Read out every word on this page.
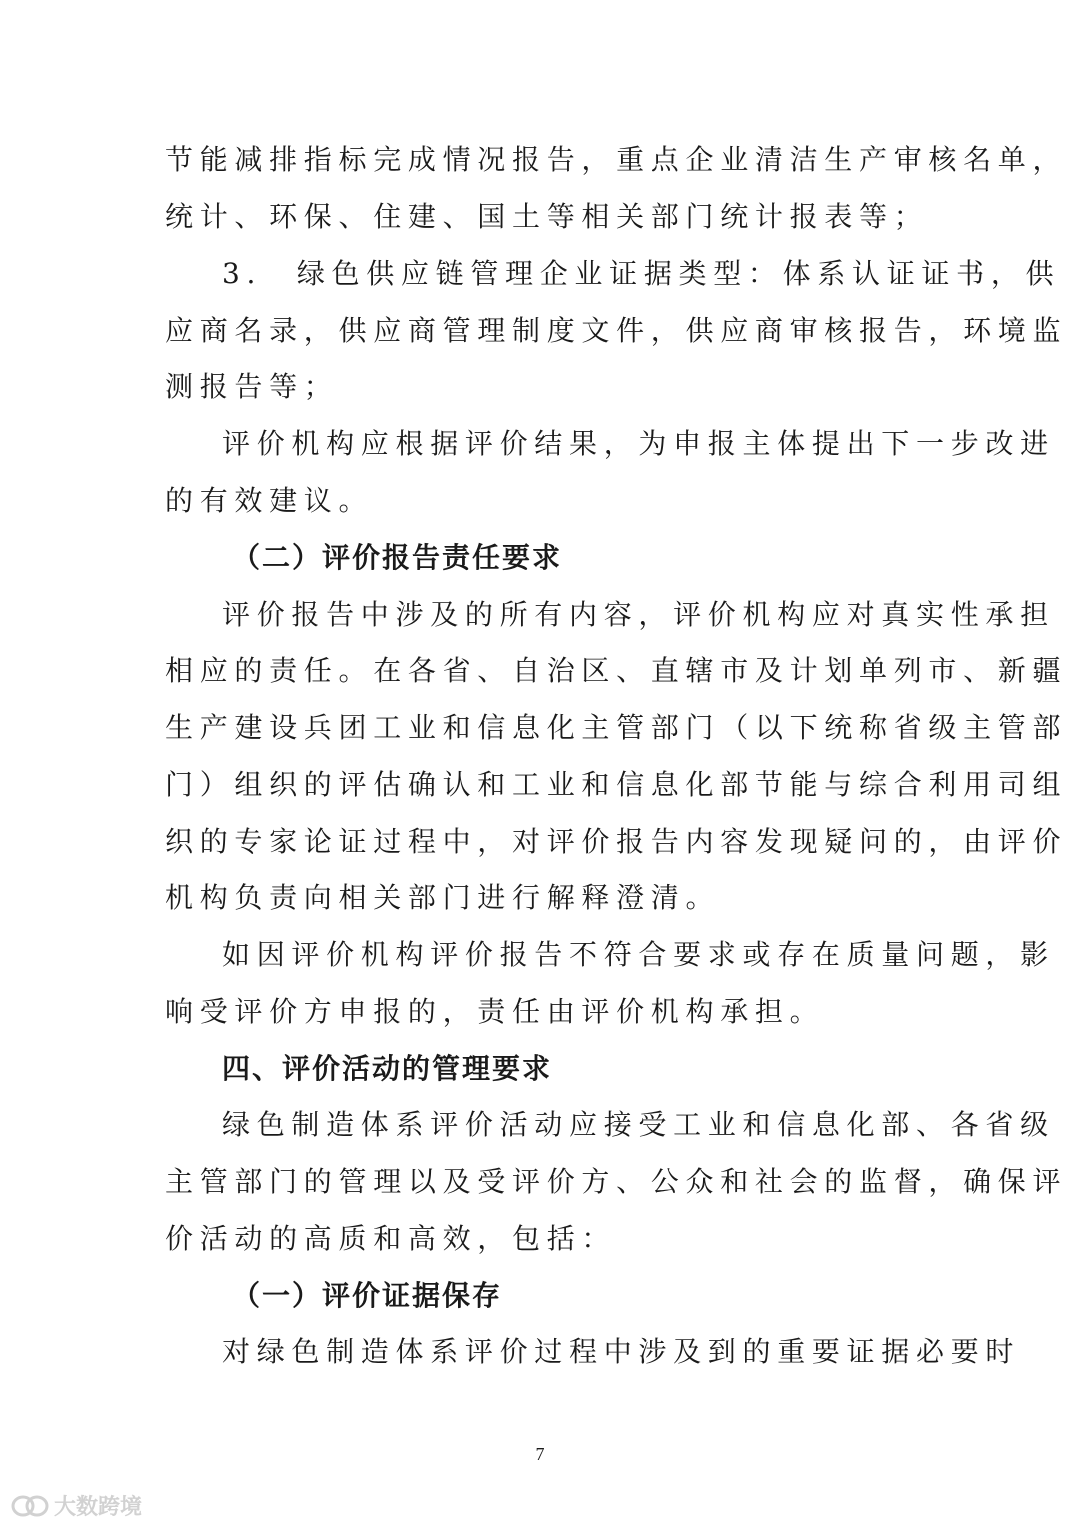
节能减排指标完成情况报告，重点企业清洁生产审核名单，
统计、环保、住建、国土等相关部门统计报表等；
3.　绿色供应链管理企业证据类型：体系认证证书，供
应商名录，供应商管理制度文件，供应商审核报告，环境监
测报告等；
评价机构应根据评价结果，为申报主体提出下一步改进
的有效建议。
（二）评价报告责任要求
评价报告中涉及的所有内容，评价机构应对真实性承担
相应的责任。在各省、自治区、直辖市及计划单列市、新疆
生产建设兵团工业和信息化主管部门（以下统称省级主管部
门）组织的评估确认和工业和信息化部节能与综合利用司组
织的专家论证过程中，对评价报告内容发现疑问的，由评价
机构负责向相关部门进行解释澄清。
如因评价机构评价报告不符合要求或存在质量问题，影
响受评价方申报的，责任由评价机构承担。
四、评价活动的管理要求
绿色制造体系评价活动应接受工业和信息化部、各省级
主管部门的管理以及受评价方、公众和社会的监督，确保评
价活动的高质和高效，包括：
（一）评价证据保存
对绿色制造体系评价过程中涉及到的重要证据必要时
7
大数跨境
